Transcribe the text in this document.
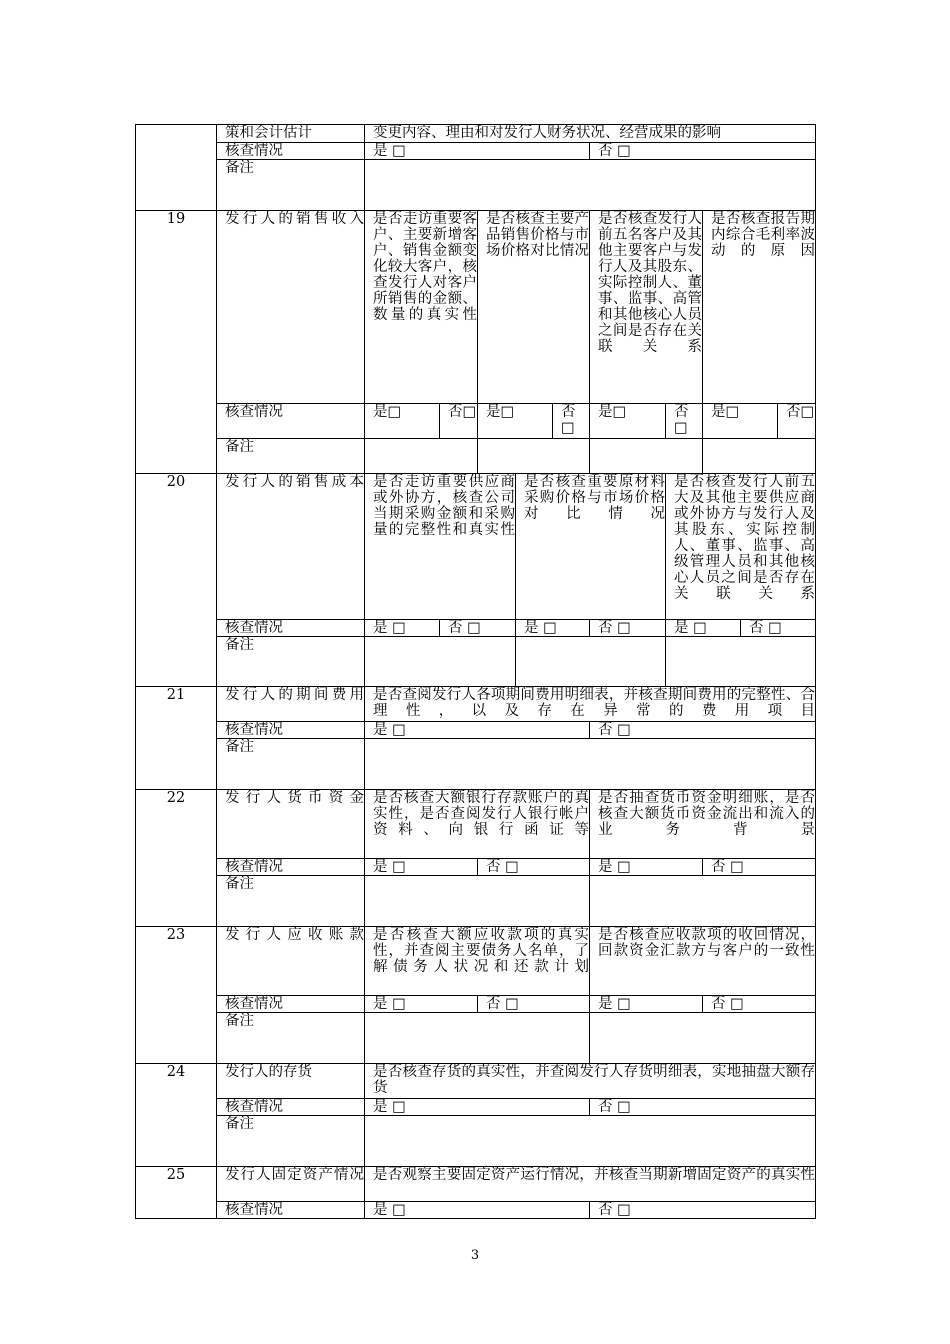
	策和会计估计	变更内容、理由和对发行人财务状况、经营成果的影响									
	核查情况	是 □					否 □				
	备注										
19	发行人的销售收入	是否走访重要客户、主要新增客户、销售金额变化较大客户，核查发行人对客户所销售的金额、数量的真实性		是否核查主要产品销售价格与市场价格对比情况			是否核查发行人前五名客户及其他主要客户与发行人及其股东、实际控制人、董事、监事、高管和其他核心人员之间是否存在关联关系		是否核查报告期内综合毛利率波动的原因		
	核查情况	是□	否□	是□		否□	是□	否□	是□		否□
	备注										
20	发行人的销售成本	是否走访重要供应商或外协方，核查公司当期采购金额和采购量的完整性和真实性			是否核查重要原材料采购价格与市场价格对比情况			是否核查发行人前五大及其他主要供应商或外协方与发行人及其股东、实际控制人、董事、监事、高级管理人员和其他核心人员之间是否存在关联关系			
	核查情况	是 □	否 □		是 □		否 □	是 □		否 □	
	备注										
21	发行人的期间费用	是否查阅发行人各项期间费用明细表，并核查期间费用的完整性、合理性，以及存在异常的费用项目									
	核查情况	是 □					否 □				
	备注										
22	发行人货币资金	是否核查大额银行存款账户的真实性，是否查阅发行人银行帐户资料、向银行函证等					是否抽查货币资金明细账，是否核查大额货币资金流出和流入的业务背景				
	核查情况	是 □		否 □			是 □		否 □		
	备注										
23	发行人应收账款	是否核查大额应收款项的真实性，并查阅主要债务人名单，了解债务人状况和还款计划					是否核查应收款项的收回情况，回款资金汇款方与客户的一致性				
	核查情况	是 □		否 □			是 □		否 □		
	备注										
24	发行人的存货	是否核查存货的真实性，并查阅发行人存货明细表，实地抽盘大额存货									
	核查情况	是 □					否 □				
	备注										
25	发行人固定资产情况	是否观察主要固定资产运行情况，并核查当期新增固定资产的真实性									
	核查情况	是 □					否 □				
3
